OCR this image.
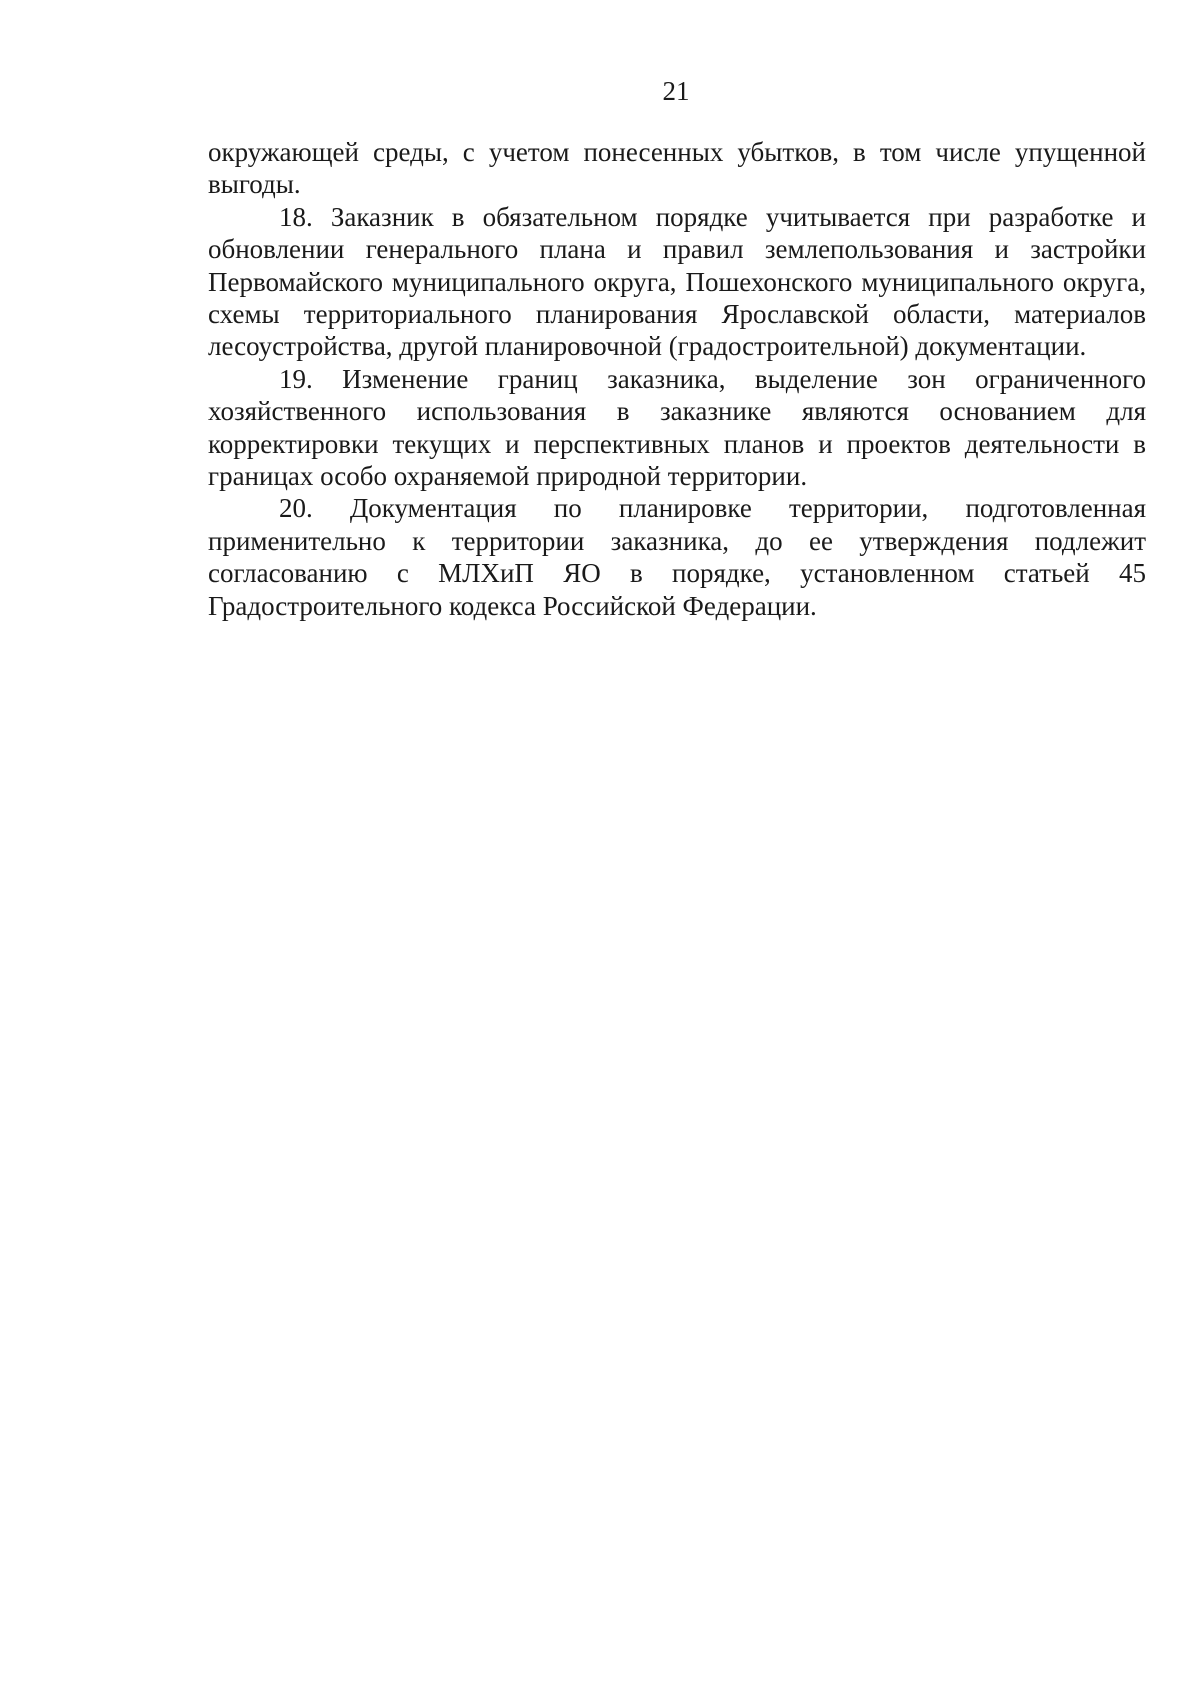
21

окружающей среды, с учетом понесенных убытков, в том числе упущенной выгоды.

18. Заказник в обязательном порядке учитывается при разработке и обновлении генерального плана и правил землепользования и застройки Первомайского муниципального округа, Пошехонского муниципального округа, схемы территориального планирования Ярославской области, материалов лесоустройства, другой планировочной (градостроительной) документации.

19. Изменение границ заказника, выделение зон ограниченного хозяйственного использования в заказнике являются основанием для корректировки текущих и перспективных планов и проектов деятельности в границах особо охраняемой природной территории.

20. Документация по планировке территории, подготовленная применительно к территории заказника, до ее утверждения подлежит согласованию с МЛХиП ЯО в порядке, установленном статьей 45 Градостроительного кодекса Российской Федерации.
